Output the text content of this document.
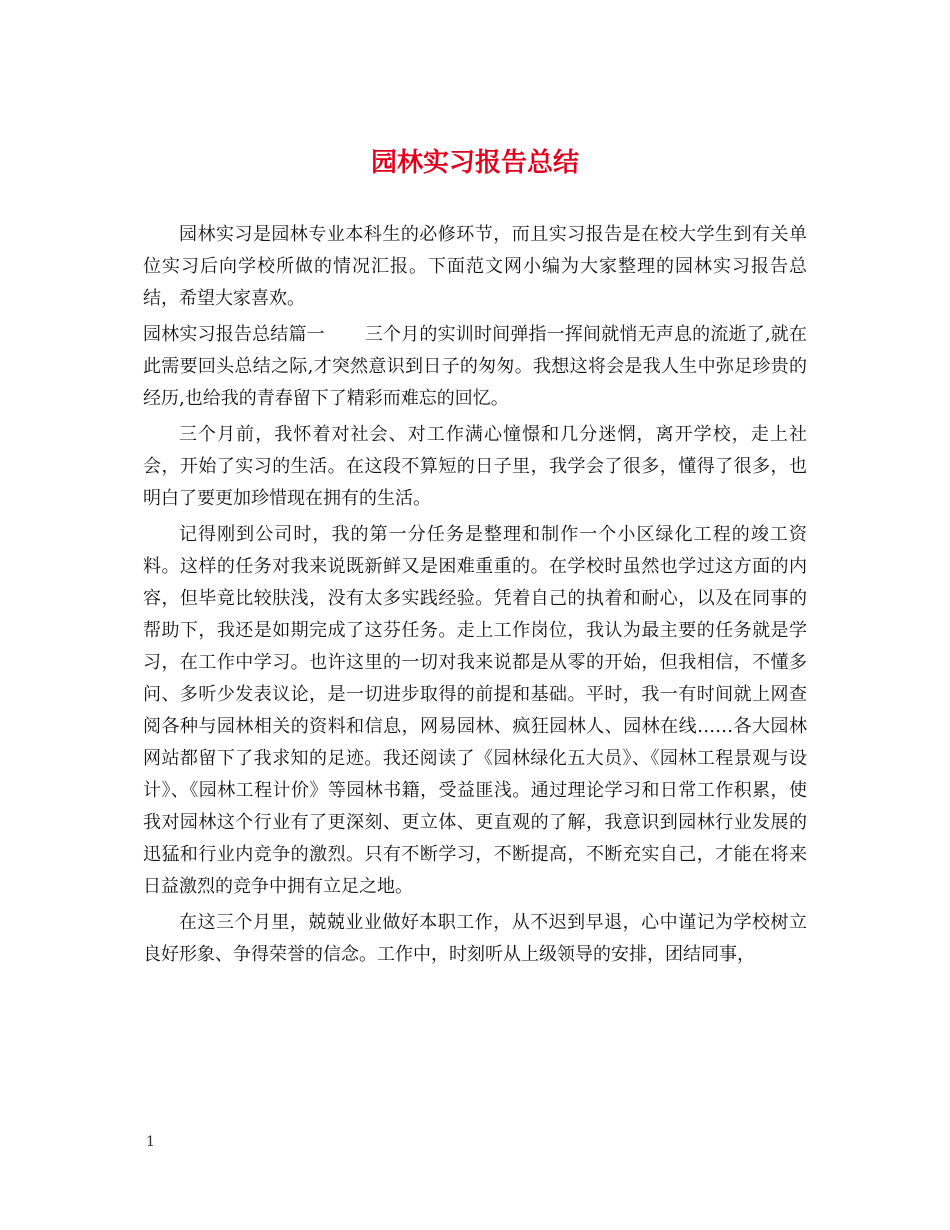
园林实习报告总结

园林实习是园林专业本科生的必修环节，而且实习报告是在校大学生到有关单位实习后向学校所做的情况汇报。下面范文网小编为大家整理的园林实习报告总结，希望大家喜欢。

园林实习报告总结篇一 三个月的实训时间弹指一挥间就悄无声息的流逝了,就在此需要回头总结之际,才突然意识到日子的匆匆。我想这将会是我人生中弥足珍贵的经历,也给我的青春留下了精彩而难忘的回忆。

三个月前，我怀着对社会、对工作满心憧憬和几分迷惘，离开学校，走上社会，开始了实习的生活。在这段不算短的日子里，我学会了很多，懂得了很多，也明白了要更加珍惜现在拥有的生活。

记得刚到公司时，我的第一分任务是整理和制作一个小区绿化工程的竣工资料。这样的任务对我来说既新鲜又是困难重重的。在学校时虽然也学过这方面的内容，但毕竟比较肤浅，没有太多实践经验。凭着自己的执着和耐心，以及在同事的帮助下，我还是如期完成了这芬任务。走上工作岗位，我认为最主要的任务就是学习，在工作中学习。也许这里的一切对我来说都是从零的开始，但我相信，不懂多问、多听少发表议论，是一切进步取得的前提和基础。平时，我一有时间就上网查阅各种与园林相关的资料和信息，网易园林、疯狂园林人、园林在线……各大园林网站都留下了我求知的足迹。我还阅读了《园林绿化五大员》、《园林工程景观与设计》、《园林工程计价》等园林书籍，受益匪浅。通过理论学习和日常工作积累，使我对园林这个行业有了更深刻、更立体、更直观的了解，我意识到园林行业发展的迅猛和行业内竞争的激烈。只有不断学习，不断提高，不断充实自己，才能在将来日益激烈的竞争中拥有立足之地。

在这三个月里，兢兢业业做好本职工作，从不迟到早退，心中谨记为学校树立良好形象、争得荣誉的信念。工作中，时刻听从上级领导的安排，团结同事，

1
